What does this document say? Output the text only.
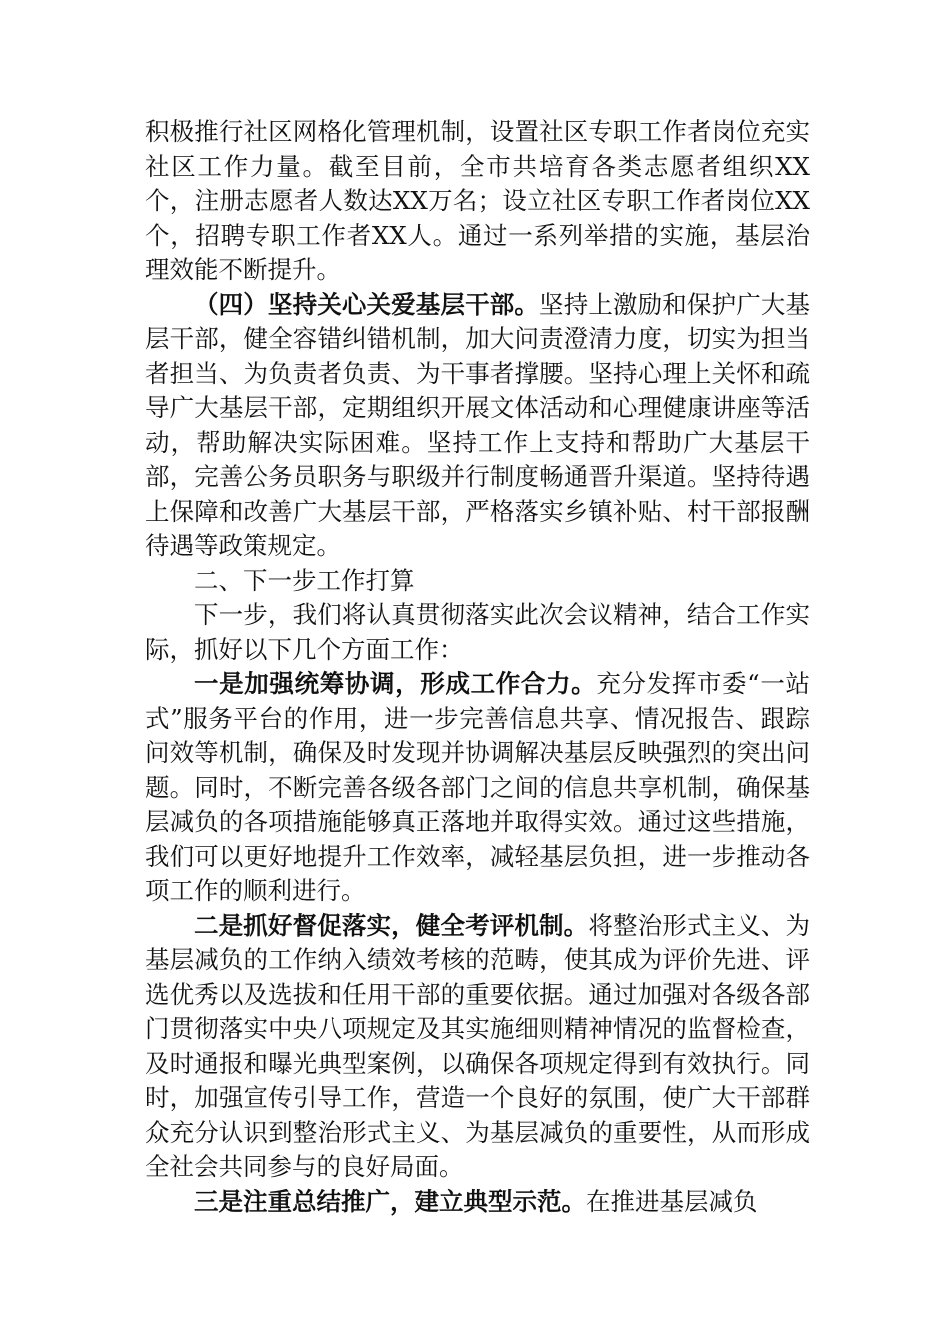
积极推行社区网格化管理机制，设置社区专职工作者岗位充实社区工作力量。截至目前，全市共培育各类志愿者组织XX个，注册志愿者人数达XX万名；设立社区专职工作者岗位XX个，招聘专职工作者XX人。通过一系列举措的实施，基层治理效能不断提升。

（四）坚持关心关爱基层干部。坚持上激励和保护广大基层干部，健全容错纠错机制，加大问责澄清力度，切实为担当者担当、为负责者负责、为干事者撑腰。坚持心理上关怀和疏导广大基层干部，定期组织开展文体活动和心理健康讲座等活动，帮助解决实际困难。坚持工作上支持和帮助广大基层干部，完善公务员职务与职级并行制度畅通晋升渠道。坚持待遇上保障和改善广大基层干部，严格落实乡镇补贴、村干部报酬待遇等政策规定。

二、下一步工作打算

下一步，我们将认真贯彻落实此次会议精神，结合工作实际，抓好以下几个方面工作：

一是加强统筹协调，形成工作合力。充分发挥市委“一站式”服务平台的作用，进一步完善信息共享、情况报告、跟踪问效等机制，确保及时发现并协调解决基层反映强烈的突出问题。同时，不断完善各级各部门之间的信息共享机制，确保基层减负的各项措施能够真正落地并取得实效。通过这些措施，我们可以更好地提升工作效率，减轻基层负担，进一步推动各项工作的顺利进行。

二是抓好督促落实，健全考评机制。将整治形式主义、为基层减负的工作纳入绩效考核的范畴，使其成为评价先进、评选优秀以及选拔和任用干部的重要依据。通过加强对各级各部门贯彻落实中央八项规定及其实施细则精神情况的监督检查，及时通报和曝光典型案例，以确保各项规定得到有效执行。同时，加强宣传引导工作，营造一个良好的氛围，使广大干部群众充分认识到整治形式主义、为基层减负的重要性，从而形成全社会共同参与的良好局面。

三是注重总结推广，建立典型示范。在推进基层减负
